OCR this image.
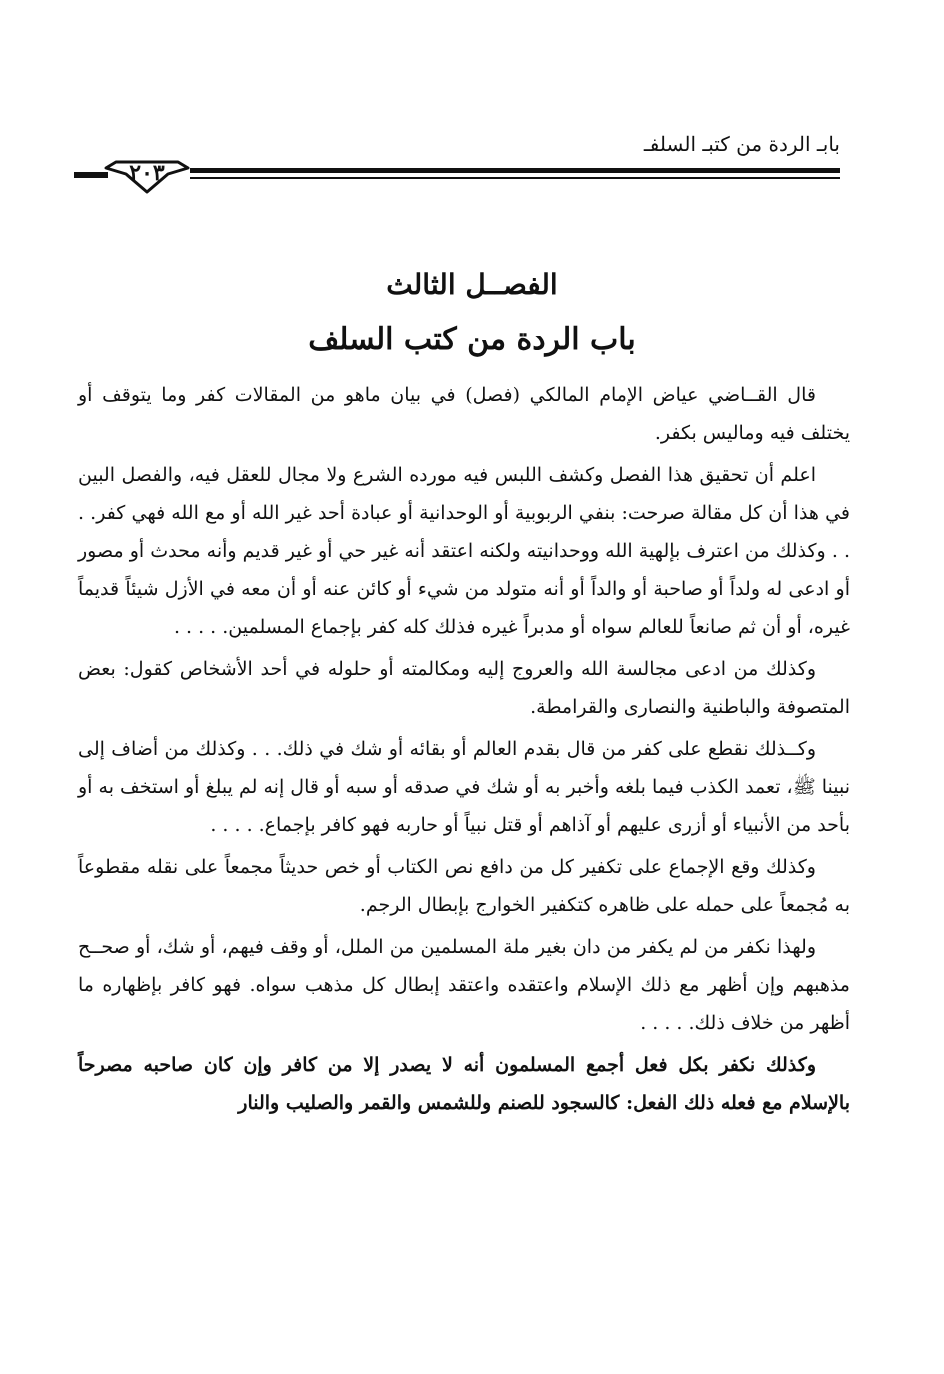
بابـ الردة من كتبـ السلفـ
٢٠٣
الفصــل الثالث
باب الردة من كتب السلف

قال القــاضي عياض الإمام المالكي (فصل) في بيان ماهو من المقالات كفر وما يتوقف أو يختلف فيه وماليس بكفر.

اعلم أن تحقيق هذا الفصل وكشف اللبس فيه مورده الشرع ولا مجال للعقل فيه، والفصل البين في هذا أن كل مقالة صرحت: بنفي الربوبية أو الوحدانية أو عبادة أحد غير الله أو مع الله فهي كفر. . . . وكذلك من اعترف بإلهية الله ووحدانيته ولكنه اعتقد أنه غير حي أو غير قديم وأنه محدث أو مصور أو ادعى له ولداً أو صاحبة أو والداً أو أنه متولد من شيء أو كائن عنه أو أن معه في الأزل شيئاً قديماً غيره، أو أن ثم صانعاً للعالم سواه أو مدبراً غيره فذلك كله كفر بإجماع المسلمين. . . . .

وكذلك من ادعى مجالسة الله والعروج إليه ومكالمته أو حلوله في أحد الأشخاص كقول: بعض المتصوفة والباطنية والنصارى والقرامطة.

وكــذلك نقطع على كفر من قال بقدم العالم أو بقائه أو شك في ذلك. . . وكذلك من أضاف إلى نبينا ﷺ، تعمد الكذب فيما بلغه وأخبر به أو شك في صدقه أو سبه أو قال إنه لم يبلغ أو استخف به أو بأحد من الأنبياء أو أزرى عليهم أو آذاهم أو قتل نبياً أو حاربه فهو كافر بإجماع. . . . .

وكذلك وقع الإجماع على تكفير كل من دافع نص الكتاب أو خص حديثاً مجمعاً على نقله مقطوعاً به مُجمعاً على حمله على ظاهره كتكفير الخوارج بإبطال الرجم.

ولهذا نكفر من لم يكفر من دان بغير ملة المسلمين من الملل، أو وقف فيهم، أو شك، أو صحــح مذهبهم وإن أظهر مع ذلك الإسلام واعتقده واعتقد إبطال كل مذهب سواه. فهو كافر بإظهاره ما أظهر من خلاف ذلك. . . . .

وكذلك نكفر بكل فعل أجمع المسلمون أنه لا يصدر إلا من كافر وإن كان صاحبه مصرحاً بالإسلام مع فعله ذلك الفعل: كالسجود للصنم وللشمس والقمر والصليب والنار
